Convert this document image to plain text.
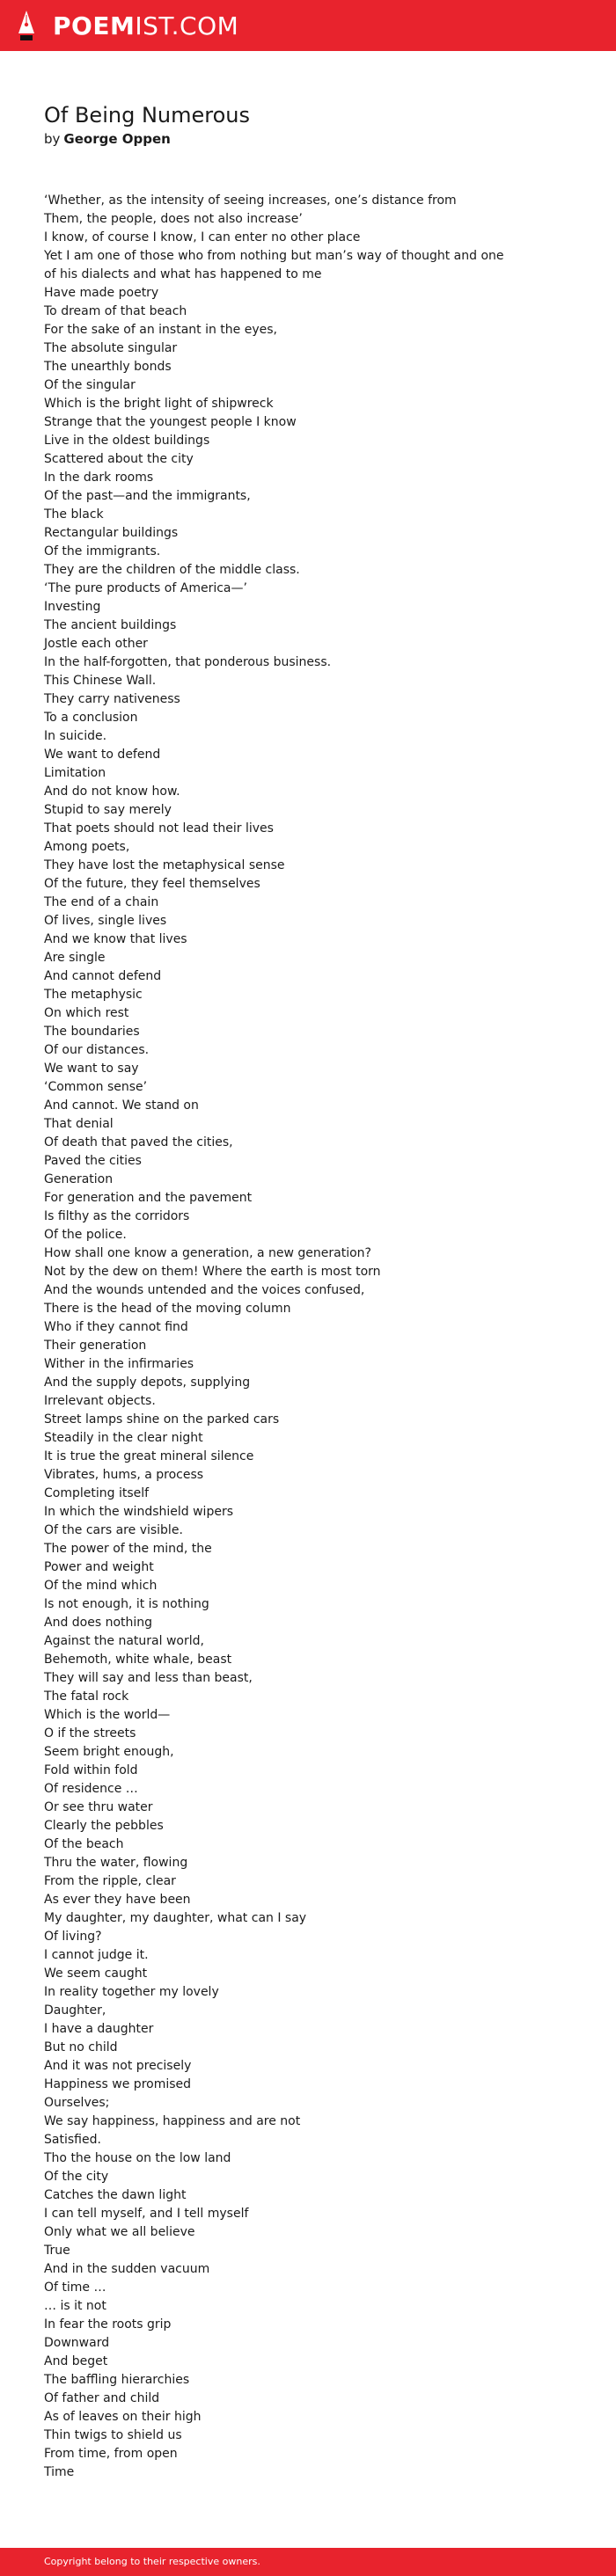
POEMIST.COM
Of Being Numerous
by George Oppen
‘Whether, as the intensity of seeing increases, one’s distance from
Them, the people, does not also increase’
I know, of course I know, I can enter no other place
Yet I am one of those who from nothing but man’s way of thought and one
of his dialects and what has happened to me
Have made poetry
To dream of that beach
For the sake of an instant in the eyes,
The absolute singular
The unearthly bonds
Of the singular
Which is the bright light of shipwreck
Strange that the youngest people I know
Live in the oldest buildings
Scattered about the city
In the dark rooms
Of the past—and the immigrants,
The black
Rectangular buildings
Of the immigrants.
They are the children of the middle class.
‘The pure products of America—’
Investing
The ancient buildings
Jostle each other
In the half-forgotten, that ponderous business.
This Chinese Wall.
They carry nativeness
To a conclusion
In suicide.
We want to defend
Limitation
And do not know how.
Stupid to say merely
That poets should not lead their lives
Among poets,
They have lost the metaphysical sense
Of the future, they feel themselves
The end of a chain
Of lives, single lives
And we know that lives
Are single
And cannot defend
The metaphysic
On which rest
The boundaries
Of our distances.
We want to say
‘Common sense’
And cannot. We stand on
That denial
Of death that paved the cities,
Paved the cities
Generation
For generation and the pavement
Is filthy as the corridors
Of the police.
How shall one know a generation, a new generation?
Not by the dew on them! Where the earth is most torn
And the wounds untended and the voices confused,
There is the head of the moving column
Who if they cannot find
Their generation
Wither in the infirmaries
And the supply depots, supplying
Irrelevant objects.
Street lamps shine on the parked cars
Steadily in the clear night
It is true the great mineral silence
Vibrates, hums, a process
Completing itself
In which the windshield wipers
Of the cars are visible.
The power of the mind, the
Power and weight
Of the mind which
Is not enough, it is nothing
And does nothing
Against the natural world,
Behemoth, white whale, beast
They will say and less than beast,
The fatal rock
Which is the world—
O if the streets
Seem bright enough,
Fold within fold
Of residence …
Or see thru water
Clearly the pebbles
Of the beach
Thru the water, flowing
From the ripple, clear
As ever they have been
My daughter, my daughter, what can I say
Of living?
I cannot judge it.
We seem caught
In reality together my lovely
Daughter,
I have a daughter
But no child
And it was not precisely
Happiness we promised
Ourselves;
We say happiness, happiness and are not
Satisfied.
Tho the house on the low land
Of the city
Catches the dawn light
I can tell myself, and I tell myself
Only what we all believe
True
And in the sudden vacuum
Of time …
… is it not
In fear the roots grip
Downward
And beget
The baffling hierarchies
Of father and child
As of leaves on their high
Thin twigs to shield us
From time, from open
Time
Copyright belong to their respective owners.
